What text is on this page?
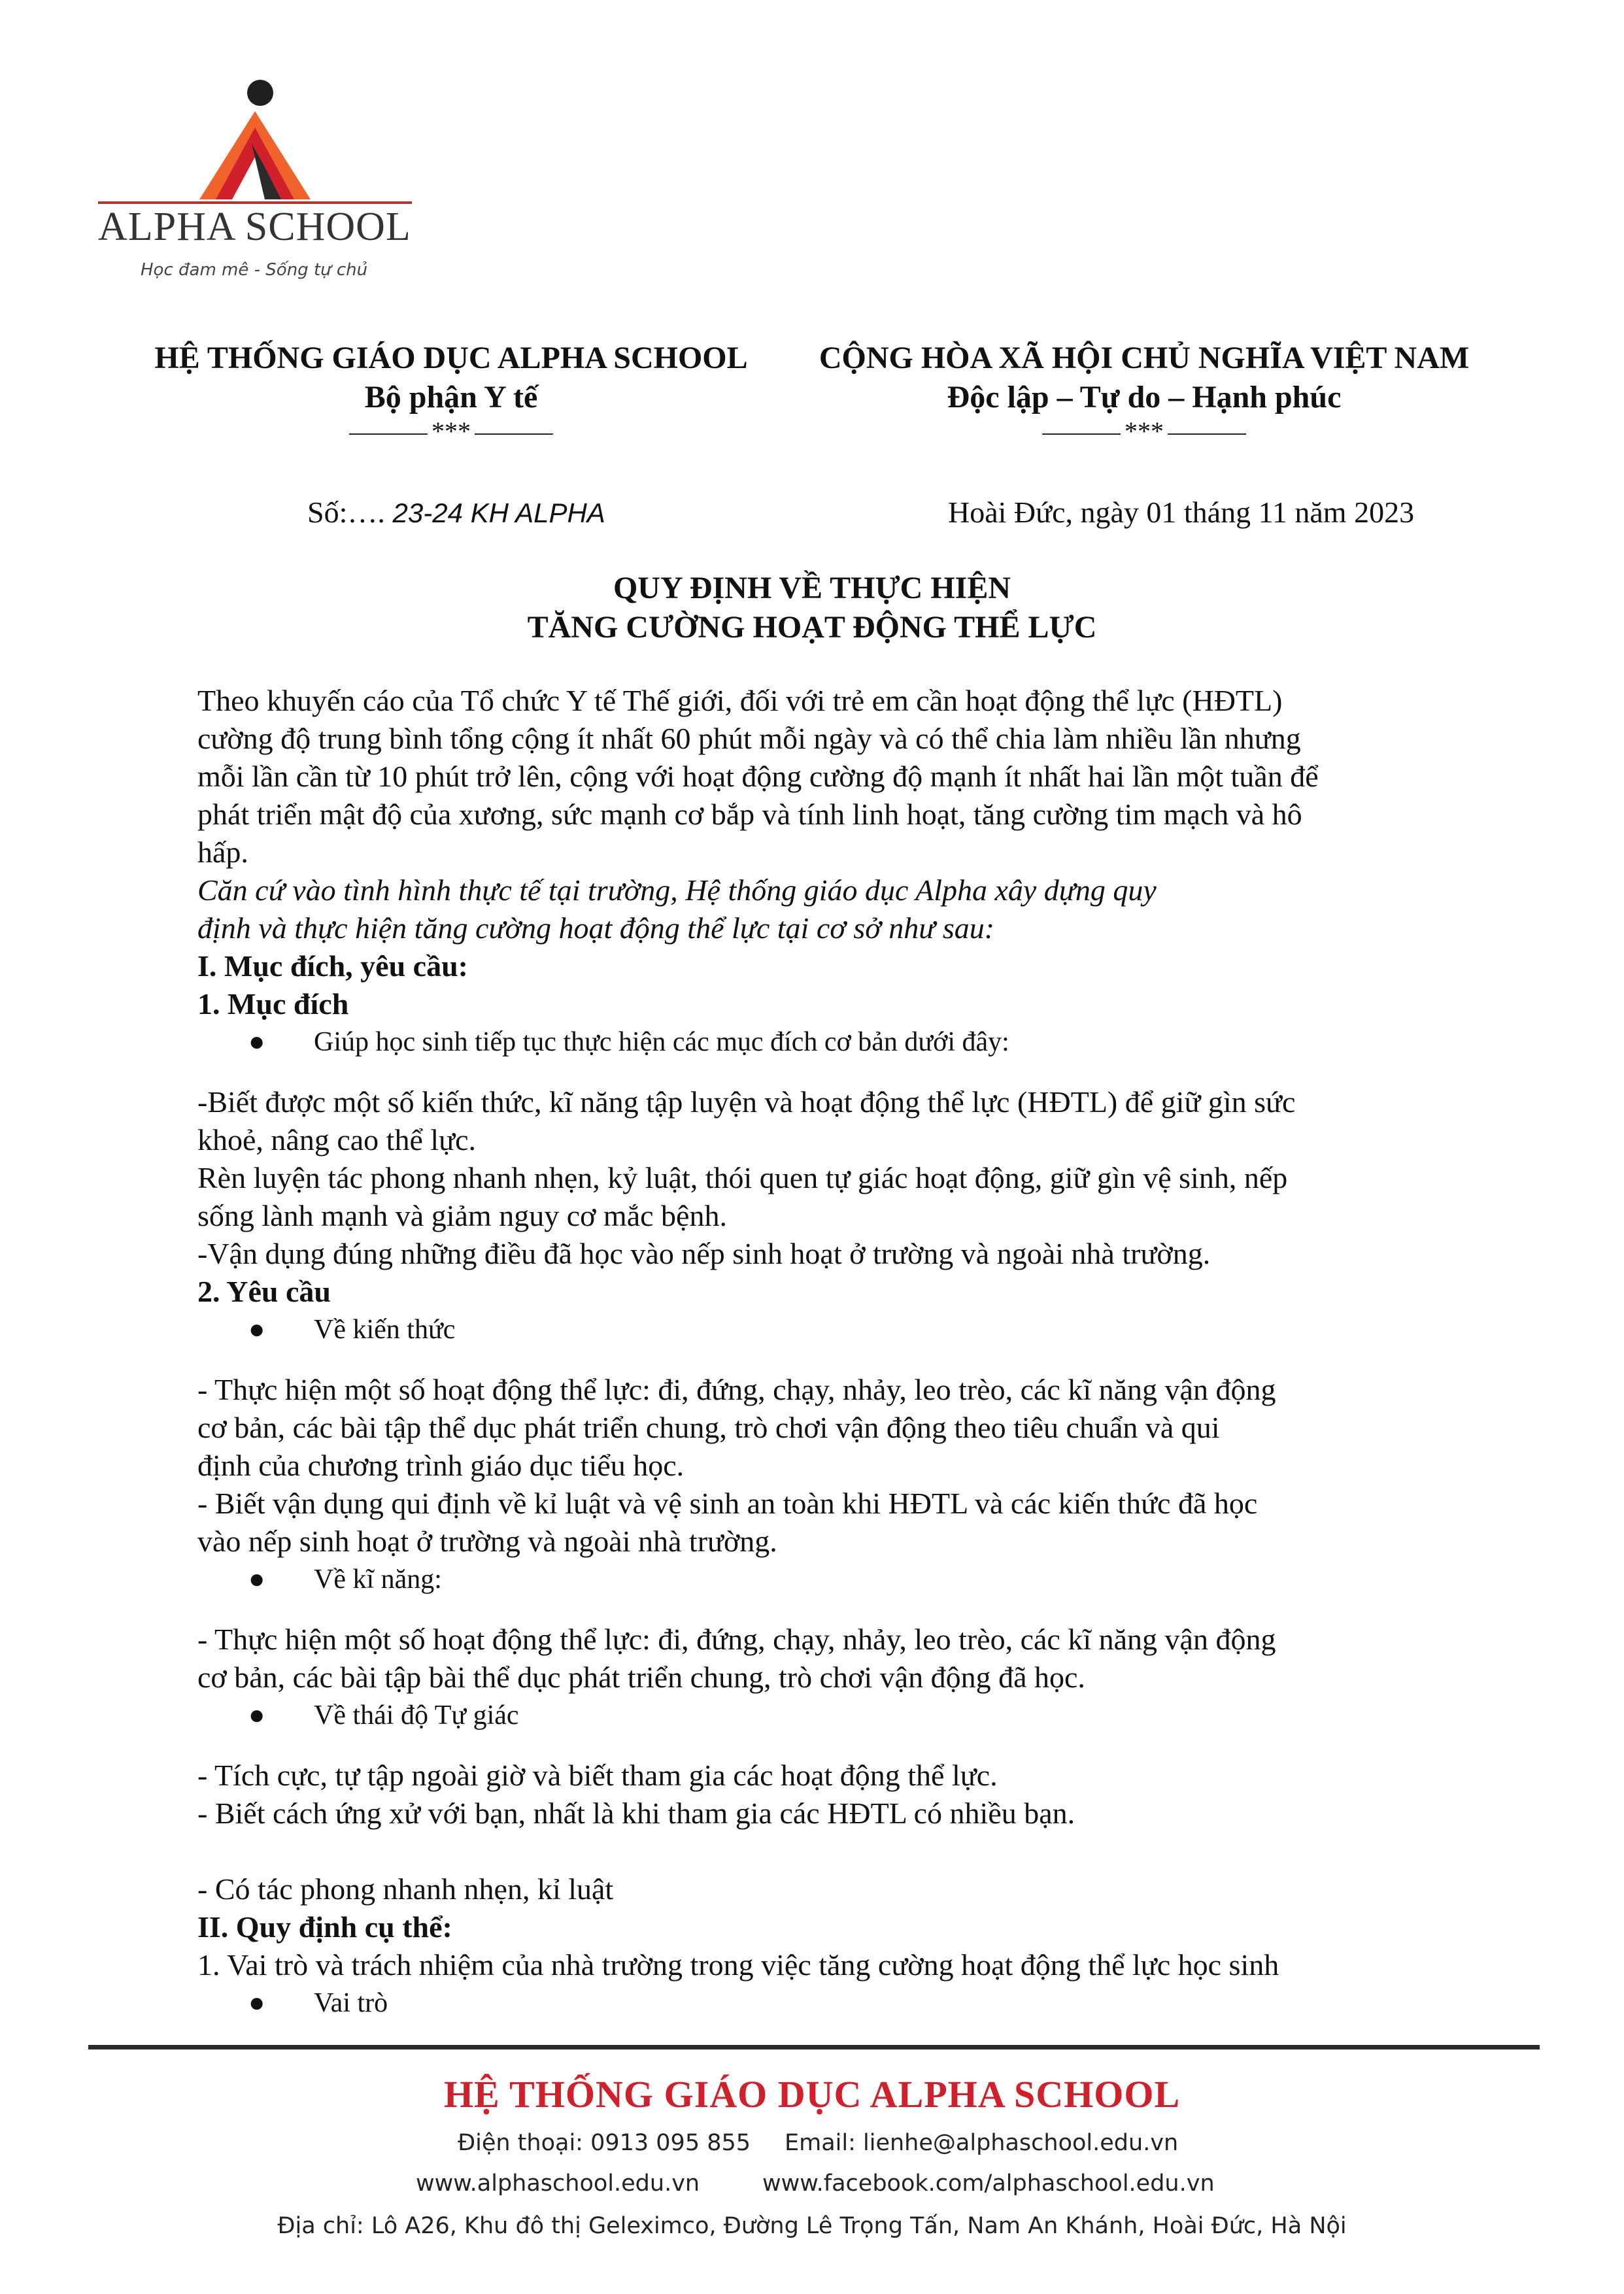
ALPHA SCHOOL
Học đam mê - Sống tự chủ
HỆ THỐNG GIÁO DỤC ALPHA SCHOOL
Bộ phận Y tế
***
CỘNG HÒA XÃ HỘI CHỦ NGHĨA VIỆT NAM
Độc lập – Tự do – Hạnh phúc
***
Số:…. 23-24 KH ALPHA	Hoài Đức, ngày 01 tháng 11 năm 2023
QUY ĐỊNH VỀ THỰC HIỆN
TĂNG CƯỜNG HOẠT ĐỘNG THỂ LỰC
Theo khuyến cáo của Tổ chức Y tế Thế giới, đối với trẻ em cần hoạt động thể lực (HĐTL)
cường độ trung bình tổng cộng ít nhất 60 phút mỗi ngày và có thể chia làm nhiều lần nhưng
mỗi lần cần từ 10 phút trở lên, cộng với hoạt động cường độ mạnh ít nhất hai lần một tuần để
phát triển mật độ của xương, sức mạnh cơ bắp và tính linh hoạt, tăng cường tim mạch và hô
hấp.
Căn cứ vào tình hình thực tế tại trường, Hệ thống giáo dục Alpha xây dựng quy
định và thực hiện tăng cường hoạt động thể lực tại cơ sở như sau:
I. Mục đích, yêu cầu:
1. Mục đích
●	Giúp học sinh tiếp tục thực hiện các mục đích cơ bản dưới đây:
-Biết được một số kiến thức, kĩ năng tập luyện và hoạt động thể lực (HĐTL) để giữ gìn sức
khoẻ, nâng cao thể lực.
Rèn luyện tác phong nhanh nhẹn, kỷ luật, thói quen tự giác hoạt động, giữ gìn vệ sinh, nếp
sống lành mạnh và giảm nguy cơ mắc bệnh.
-Vận dụng đúng những điều đã học vào nếp sinh hoạt ở trường và ngoài nhà trường.
2. Yêu cầu
●	Về kiến thức
- Thực hiện một số hoạt động thể lực: đi, đứng, chạy, nhảy, leo trèo, các kĩ năng vận động
cơ bản, các bài tập thể dục phát triển chung, trò chơi vận động theo tiêu chuẩn và qui
định của chương trình giáo dục tiểu học.
- Biết vận dụng qui định về kỉ luật và vệ sinh an toàn khi HĐTL và các kiến thức đã học
vào nếp sinh hoạt ở trường và ngoài nhà trường.
●	Về kĩ năng:
- Thực hiện một số hoạt động thể lực: đi, đứng, chạy, nhảy, leo trèo, các kĩ năng vận động
cơ bản, các bài tập bài thể dục phát triển chung, trò chơi vận động đã học.
●	Về thái độ Tự giác
- Tích cực, tự tập ngoài giờ và biết tham gia các hoạt động thể lực.
- Biết cách ứng xử với bạn, nhất là khi tham gia các HĐTL có nhiều bạn.
- Có tác phong nhanh nhẹn, kỉ luật
II. Quy định cụ thể:
1. Vai trò và trách nhiệm của nhà trường trong việc tăng cường hoạt động thể lực học sinh
●	Vai trò
HỆ THỐNG GIÁO DỤC ALPHA SCHOOL
Điện thoại: 0913 095 855	Email: lienhe@alphaschool.edu.vn
www.alphaschool.edu.vn	www.facebook.com/alphaschool.edu.vn
Địa chỉ: Lô A26, Khu đô thị Geleximco, Đường Lê Trọng Tấn, Nam An Khánh, Hoài Đức, Hà Nội
